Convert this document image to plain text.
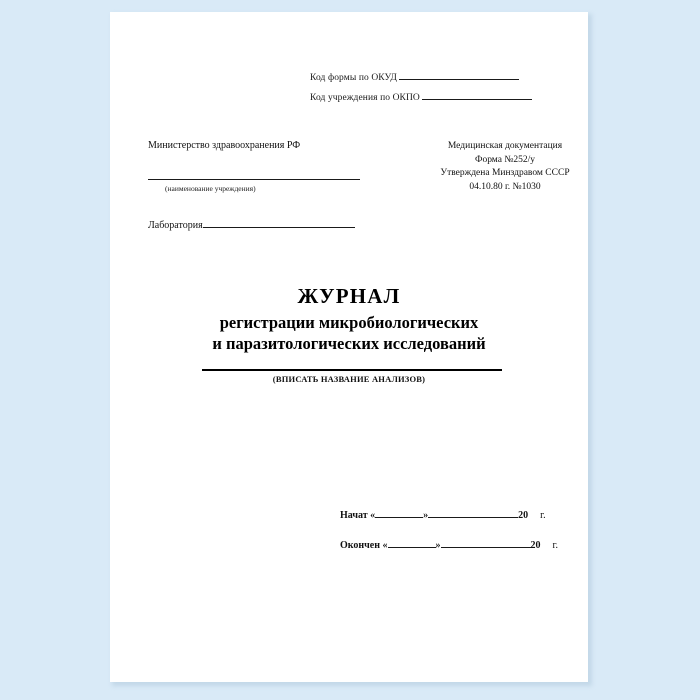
Код формы по ОКУД
Код учреждения по ОКПО
Министерство здравоохранения РФ
(наименование учреждения)
Лаборатория
Медицинская документация
Форма №252/у
Утверждена Минздравом СССР
04.10.80 г. №1030
ЖУРНАЛ
регистрации микробиологических
и паразитологических исследований
(ВПИСАТЬ НАЗВАНИЕ АНАЛИЗОВ)
Начат «	»	20 г.
Окончен «	»	20 г.
